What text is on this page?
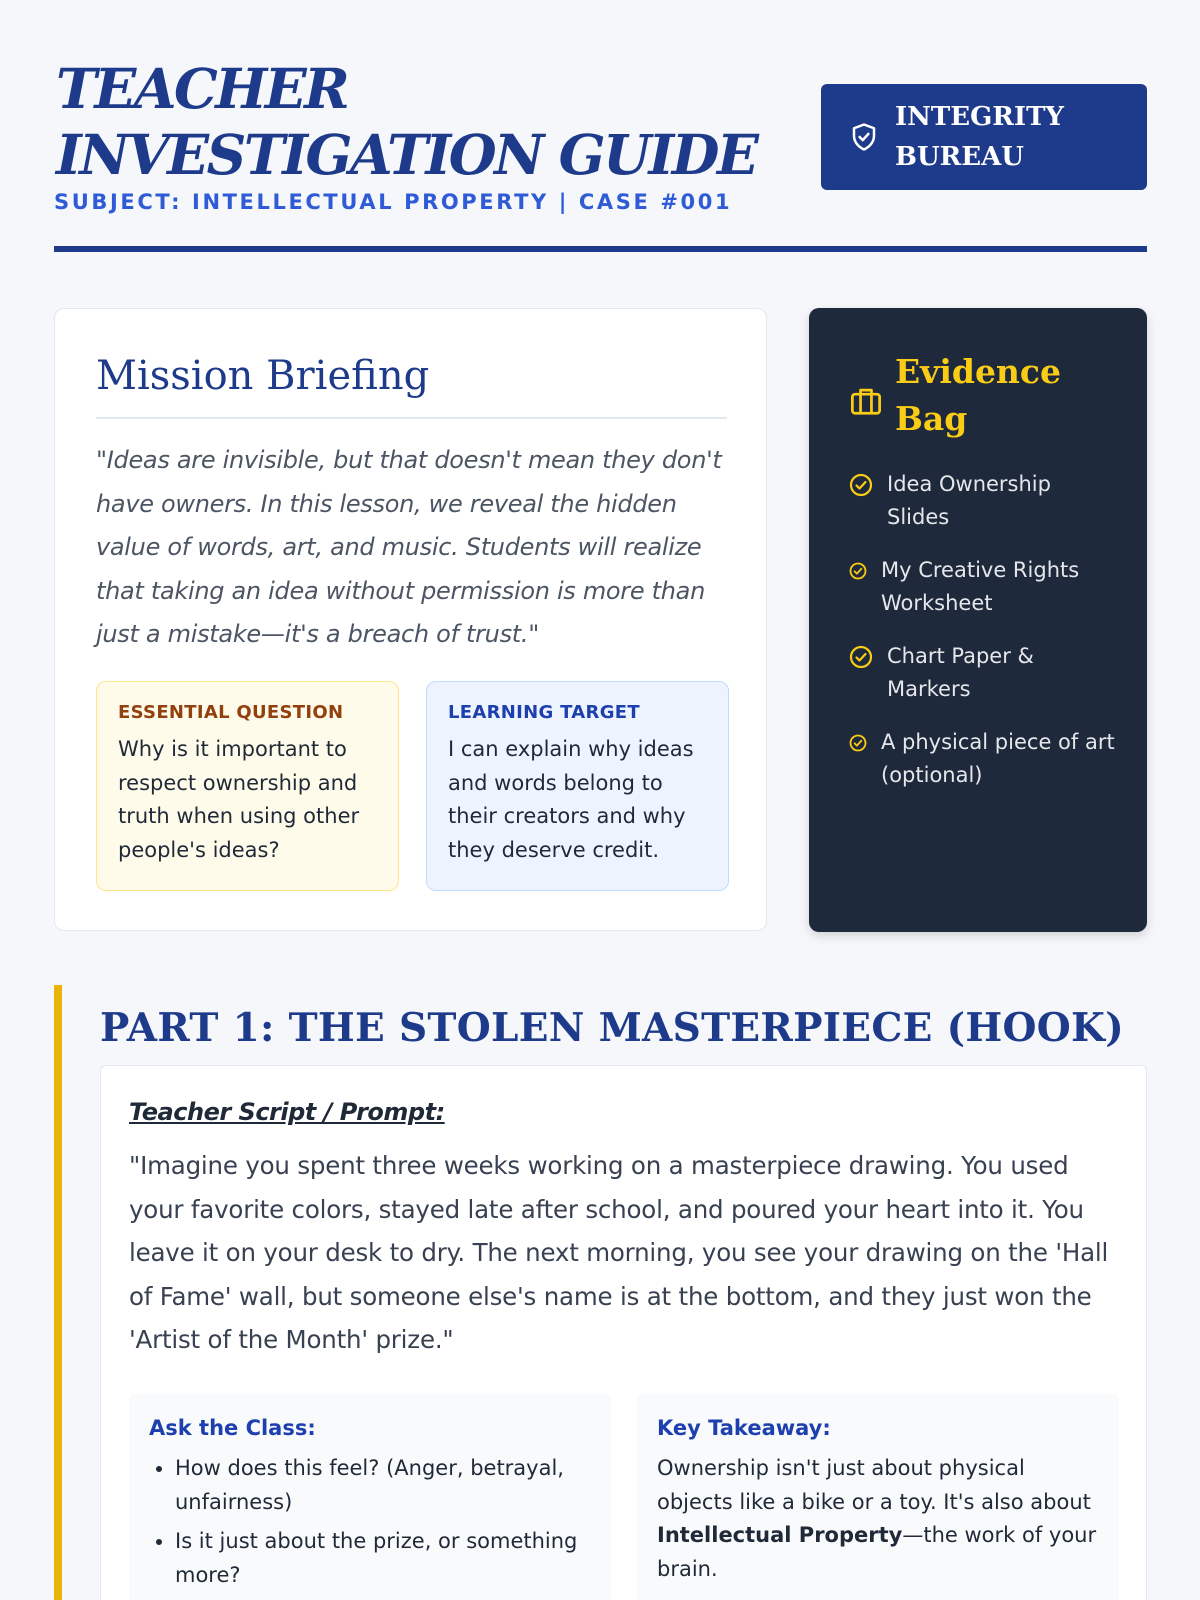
TEACHER INVESTIGATION GUIDE
SUBJECT: INTELLECTUAL PROPERTY | CASE #001
INTEGRITY BUREAU
Mission Briefing

"Ideas are invisible, but that doesn't mean they don't have owners. In this lesson, we reveal the hidden value of words, art, and music. Students will realize that taking an idea without permission is more than just a mistake—it's a breach of trust."

ESSENTIAL QUESTION
Why is it important to respect ownership and truth when using other people's ideas?
LEARNING TARGET
I can explain why ideas and words belong to their creators and why they deserve credit.
Evidence Bag
Idea Ownership Slides
My Creative Rights Worksheet
Chart Paper & Markers
A physical piece of art (optional)
PART 1: THE STOLEN MASTERPIECE (HOOK)
Teacher Script / Prompt:

"Imagine you spent three weeks working on a masterpiece drawing. You used your favorite colors, stayed late after school, and poured your heart into it. You leave it on your desk to dry. The next morning, you see your drawing on the 'Hall of Fame' wall, but someone else's name is at the bottom, and they just won the 'Artist of the Month' prize."

Ask the Class:
• How does this feel? (Anger, betrayal, unfairness)
• Is it just about the prize, or something more?
Key Takeaway:

Ownership isn't just about physical objects like a bike or a toy. It's also about Intellectual Property—the work of your brain.
